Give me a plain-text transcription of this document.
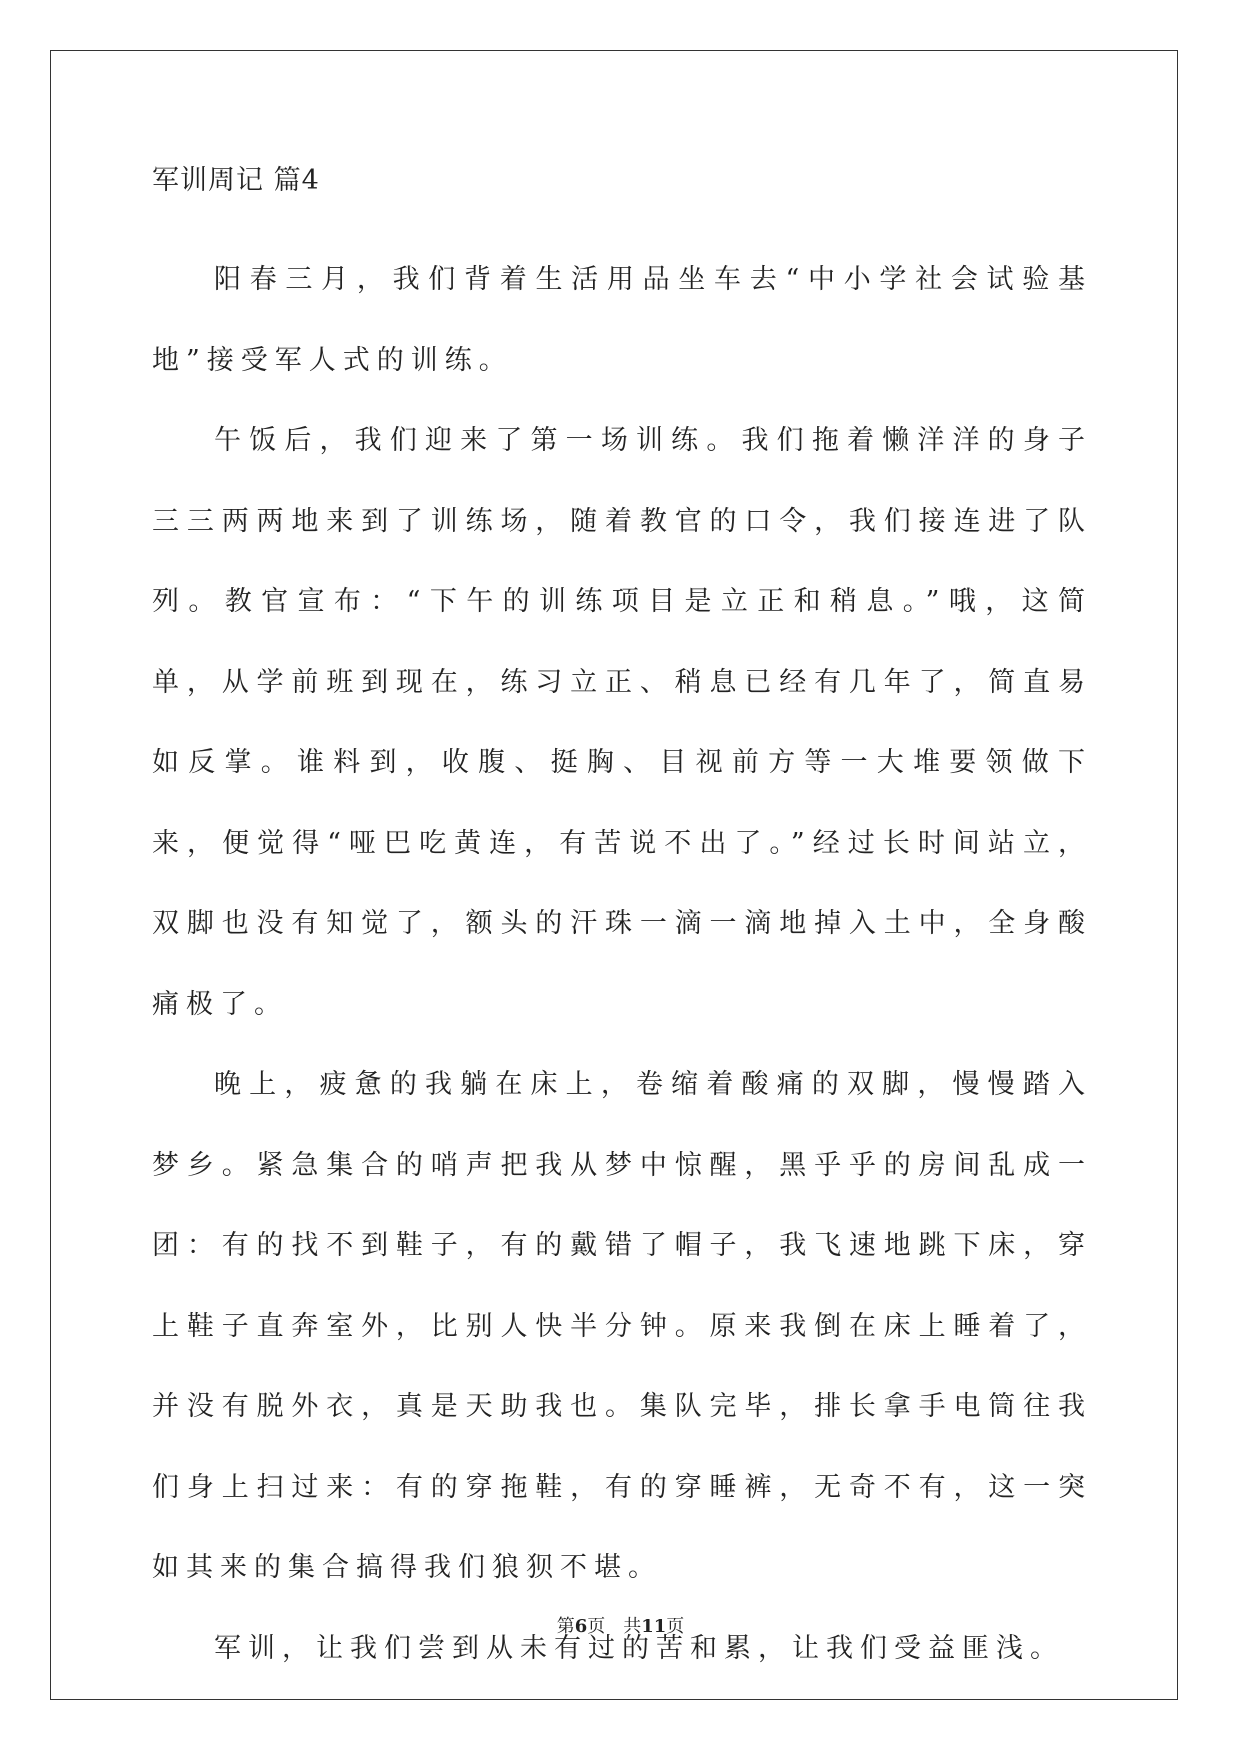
军训周记 篇4

阳春三月，我们背着生活用品坐车去“中小学社会试验基地”接受军人式的训练。

午饭后，我们迎来了第一场训练。我们拖着懒洋洋的身子三三两两地来到了训练场，随着教官的口令，我们接连进了队列。教官宣布：“下午的训练项目是立正和稍息。”哦，这简单，从学前班到现在，练习立正、稍息已经有几年了，简直易如反掌。谁料到，收腹、挺胸、目视前方等一大堆要领做下来，便觉得“哑巴吃黄连，有苦说不出了。”经过长时间站立，双脚也没有知觉了，额头的汗珠一滴一滴地掉入土中，全身酸痛极了。

晚上，疲惫的我躺在床上，卷缩着酸痛的双脚，慢慢踏入梦乡。紧急集合的哨声把我从梦中惊醒，黑乎乎的房间乱成一团：有的找不到鞋子，有的戴错了帽子，我飞速地跳下床，穿上鞋子直奔室外，比别人快半分钟。原来我倒在床上睡着了，并没有脱外衣，真是天助我也。集队完毕，排长拿手电筒往我们身上扫过来：有的穿拖鞋，有的穿睡裤，无奇不有，这一突如其来的集合搞得我们狼狈不堪。

军训，让我们尝到从未有过的苦和累，让我们受益匪浅。

第6页　共11页
